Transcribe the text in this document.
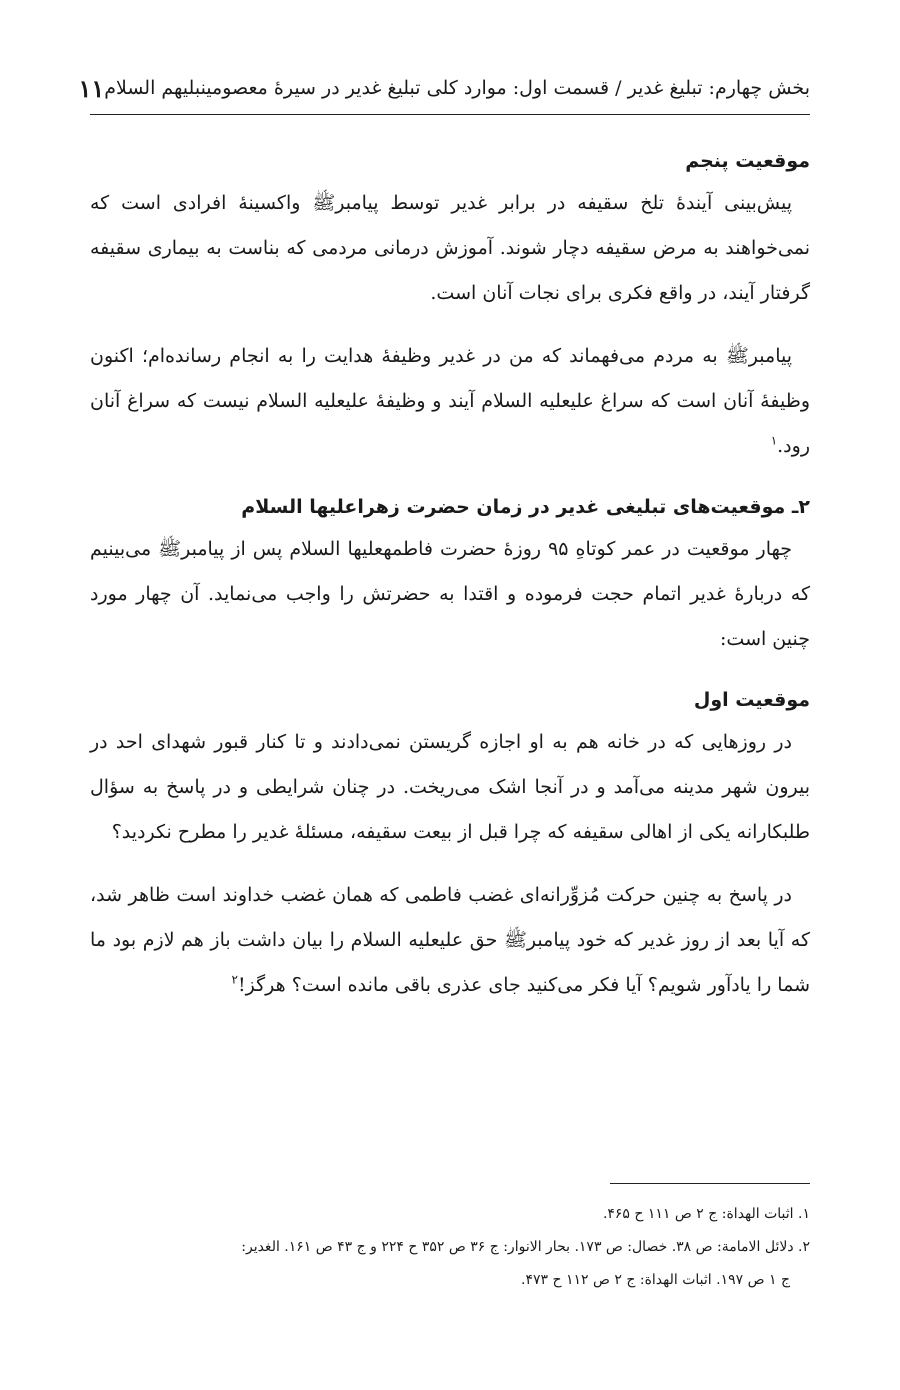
بخش چهارم: تبلیغ غدیر / قسمت اول: موارد کلی تبلیغ غدیر در سیرهٔ معصومینبلیهم السلام
۱۱
موقعیت پنجم

پیش‌بینی آیندهٔ تلخ سقیفه در برابر غدیر توسط پیامبرﷺ واکسینهٔ افرادی است که نمی‌خواهند به مرض سقیفه دچار شوند. آموزش درمانی مردمی که بناست به بیماری سقیفه گرفتار آیند، در واقع فکری برای نجات آنان است.

پیامبرﷺ به مردم می‌فهماند که من در غدیر وظیفهٔ هدایت را به انجام رسانده‌ام؛ اکنون وظیفهٔ آنان است که سراغ علیعلیه السلام آیند و وظیفهٔ علیعلیه السلام نیست که سراغ آنان رود.$^۱$

۲ـ موقعیت‌های تبلیغی غدیر در زمان حضرت زهراعلیها السلام

چهار موقعیت در عمر کوتاهِ ۹۵ روزهٔ حضرت فاطمهعلیها السلام پس از پیامبرﷺ می‌بینیم که دربارهٔ غدیر اتمام حجت فرموده و اقتدا به حضرتش را واجب می‌نماید. آن چهار مورد چنین است:

موقعیت اول

در روزهایی که در خانه هم به او اجازه گریستن نمی‌دادند و تا کنار قبور شهدای احد در بیرون شهر مدینه می‌آمد و در آنجا اشک می‌ریخت. در چنان شرایطی و در پاسخ به سؤال طلبکارانه یکی از اهالی سقیفه که چرا قبل از بیعت سقیفه، مسئلهٔ غدیر را مطرح نکردید؟

در پاسخ به چنین حرکت مُزوِّرانه‌ای غضب فاطمی که همان غضب خداوند است ظاهر شد، که آیا بعد از روز غدیر که خود پیامبرﷺ حق علیعلیه السلام را بیان داشت باز هم لازم بود ما شما را یادآور شویم؟ آیا فکر می‌کنید جای عذری باقی مانده است؟ هرگز!$^۲$

۱. اثبات الهداة: ج ۲ ص ۱۱۱ ح ۴۶۵.

۲. دلائل الامامة: ص ۳۸. خصال: ص ۱۷۳. بحار الانوار: ج ۳۶ ص ۳۵۲ ح ۲۲۴ و ج ۴۳ ص ۱۶۱. الغدیر:

ج ۱ ص ۱۹۷. اثبات الهداة: ج ۲ ص ۱۱۲ ح ۴۷۳.
